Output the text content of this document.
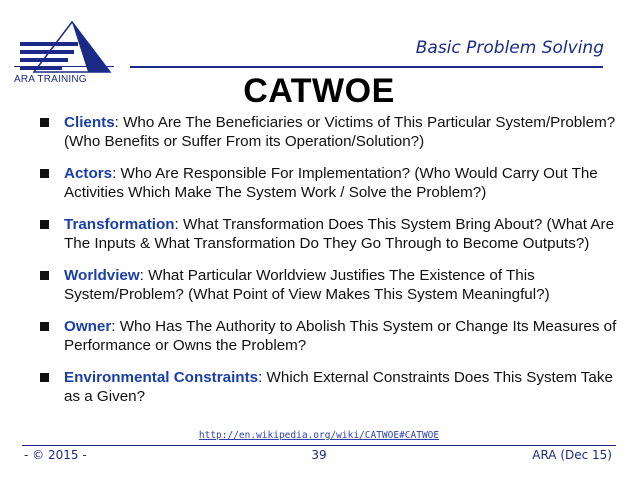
ARA TRAINING
Basic Problem Solving
CATWOE
Clients: Who Are The Beneficiaries or Victims of This Particular System/Problem? (Who Benefits or Suffer From its Operation/Solution?)
Actors: Who Are Responsible For Implementation? (Who Would Carry Out The Activities Which Make The System Work / Solve the Problem?)
Transformation: What Transformation Does This System Bring About? (What Are The Inputs & What Transformation Do They Go Through to Become Outputs?)
Worldview: What Particular Worldview Justifies The Existence of This System/Problem? (What Point of View Makes This System Meaningful?)
Owner: Who Has The Authority to Abolish This System or Change Its Measures of Performance or Owns the Problem?
Environmental Constraints: Which External Constraints Does This System Take as a Given?
http://en.wikipedia.org/wiki/CATWOE#CATWOE
- © 2015 -	39	ARA (Dec 15)
